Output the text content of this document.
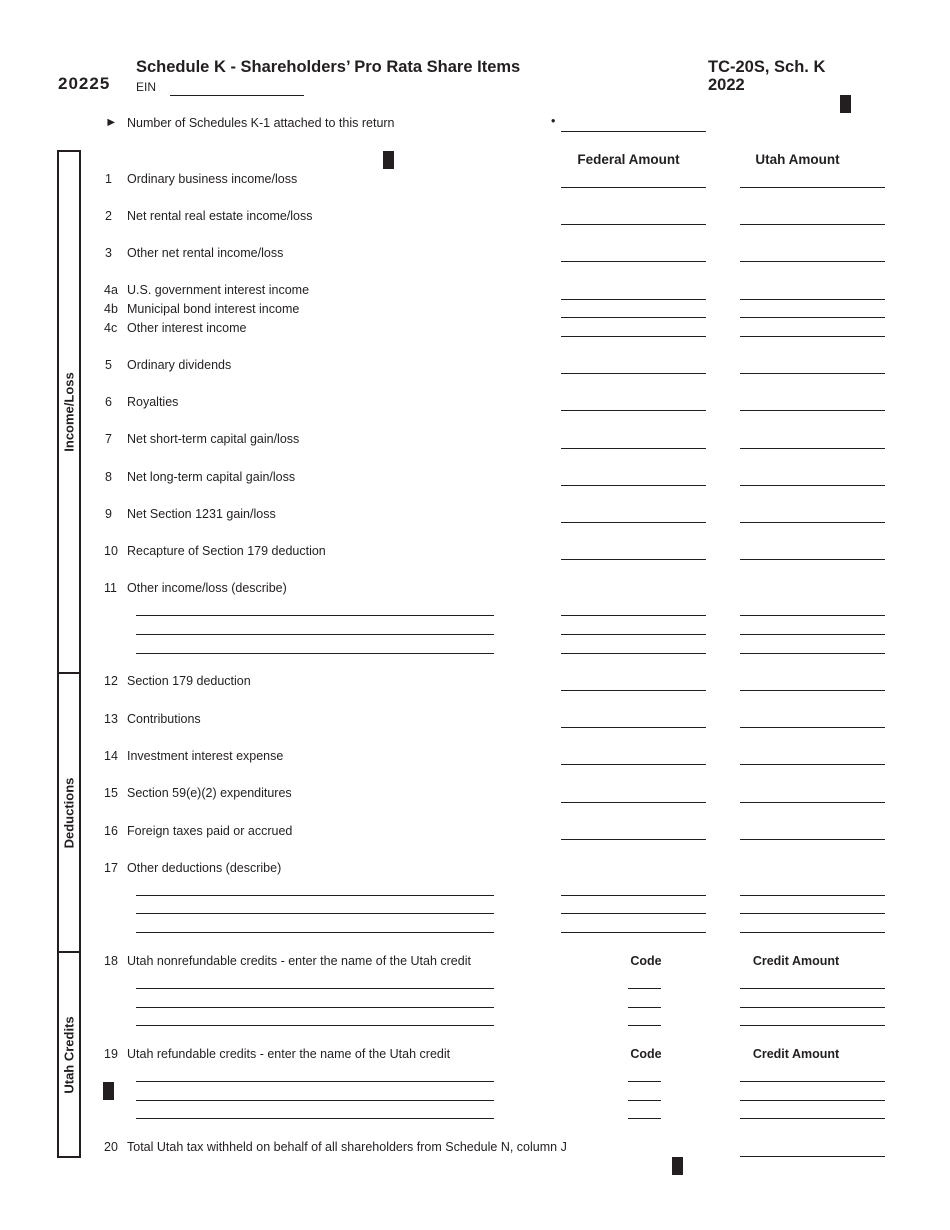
20225
Schedule K - Shareholders’ Pro Rata Share Items
EIN
TC-20S, Sch. K
2022
► Number of Schedules K-1 attached to this return	•
Federal Amount	Utah Amount
Income/Loss
Deductions
Utah Credits
1 Ordinary business income/loss
2 Net rental real estate income/loss
3 Other net rental income/loss
4a U.S. government interest income
4b Municipal bond interest income
4c Other interest income
5 Ordinary dividends
6 Royalties
7 Net short-term capital gain/loss
8 Net long-term capital gain/loss
9 Net Section 1231 gain/loss
10 Recapture of Section 179 deduction
11 Other income/loss (describe)
12 Section 179 deduction
13 Contributions
14 Investment interest expense
15 Section 59(e)(2) expenditures
16 Foreign taxes paid or accrued
17 Other deductions (describe)
18 Utah nonrefundable credits - enter the name of the Utah credit
19 Utah refundable credits - enter the name of the Utah credit
20 Total Utah tax withheld on behalf of all shareholders from Schedule N, column J
Code	Credit Amount
Code	Credit Amount
